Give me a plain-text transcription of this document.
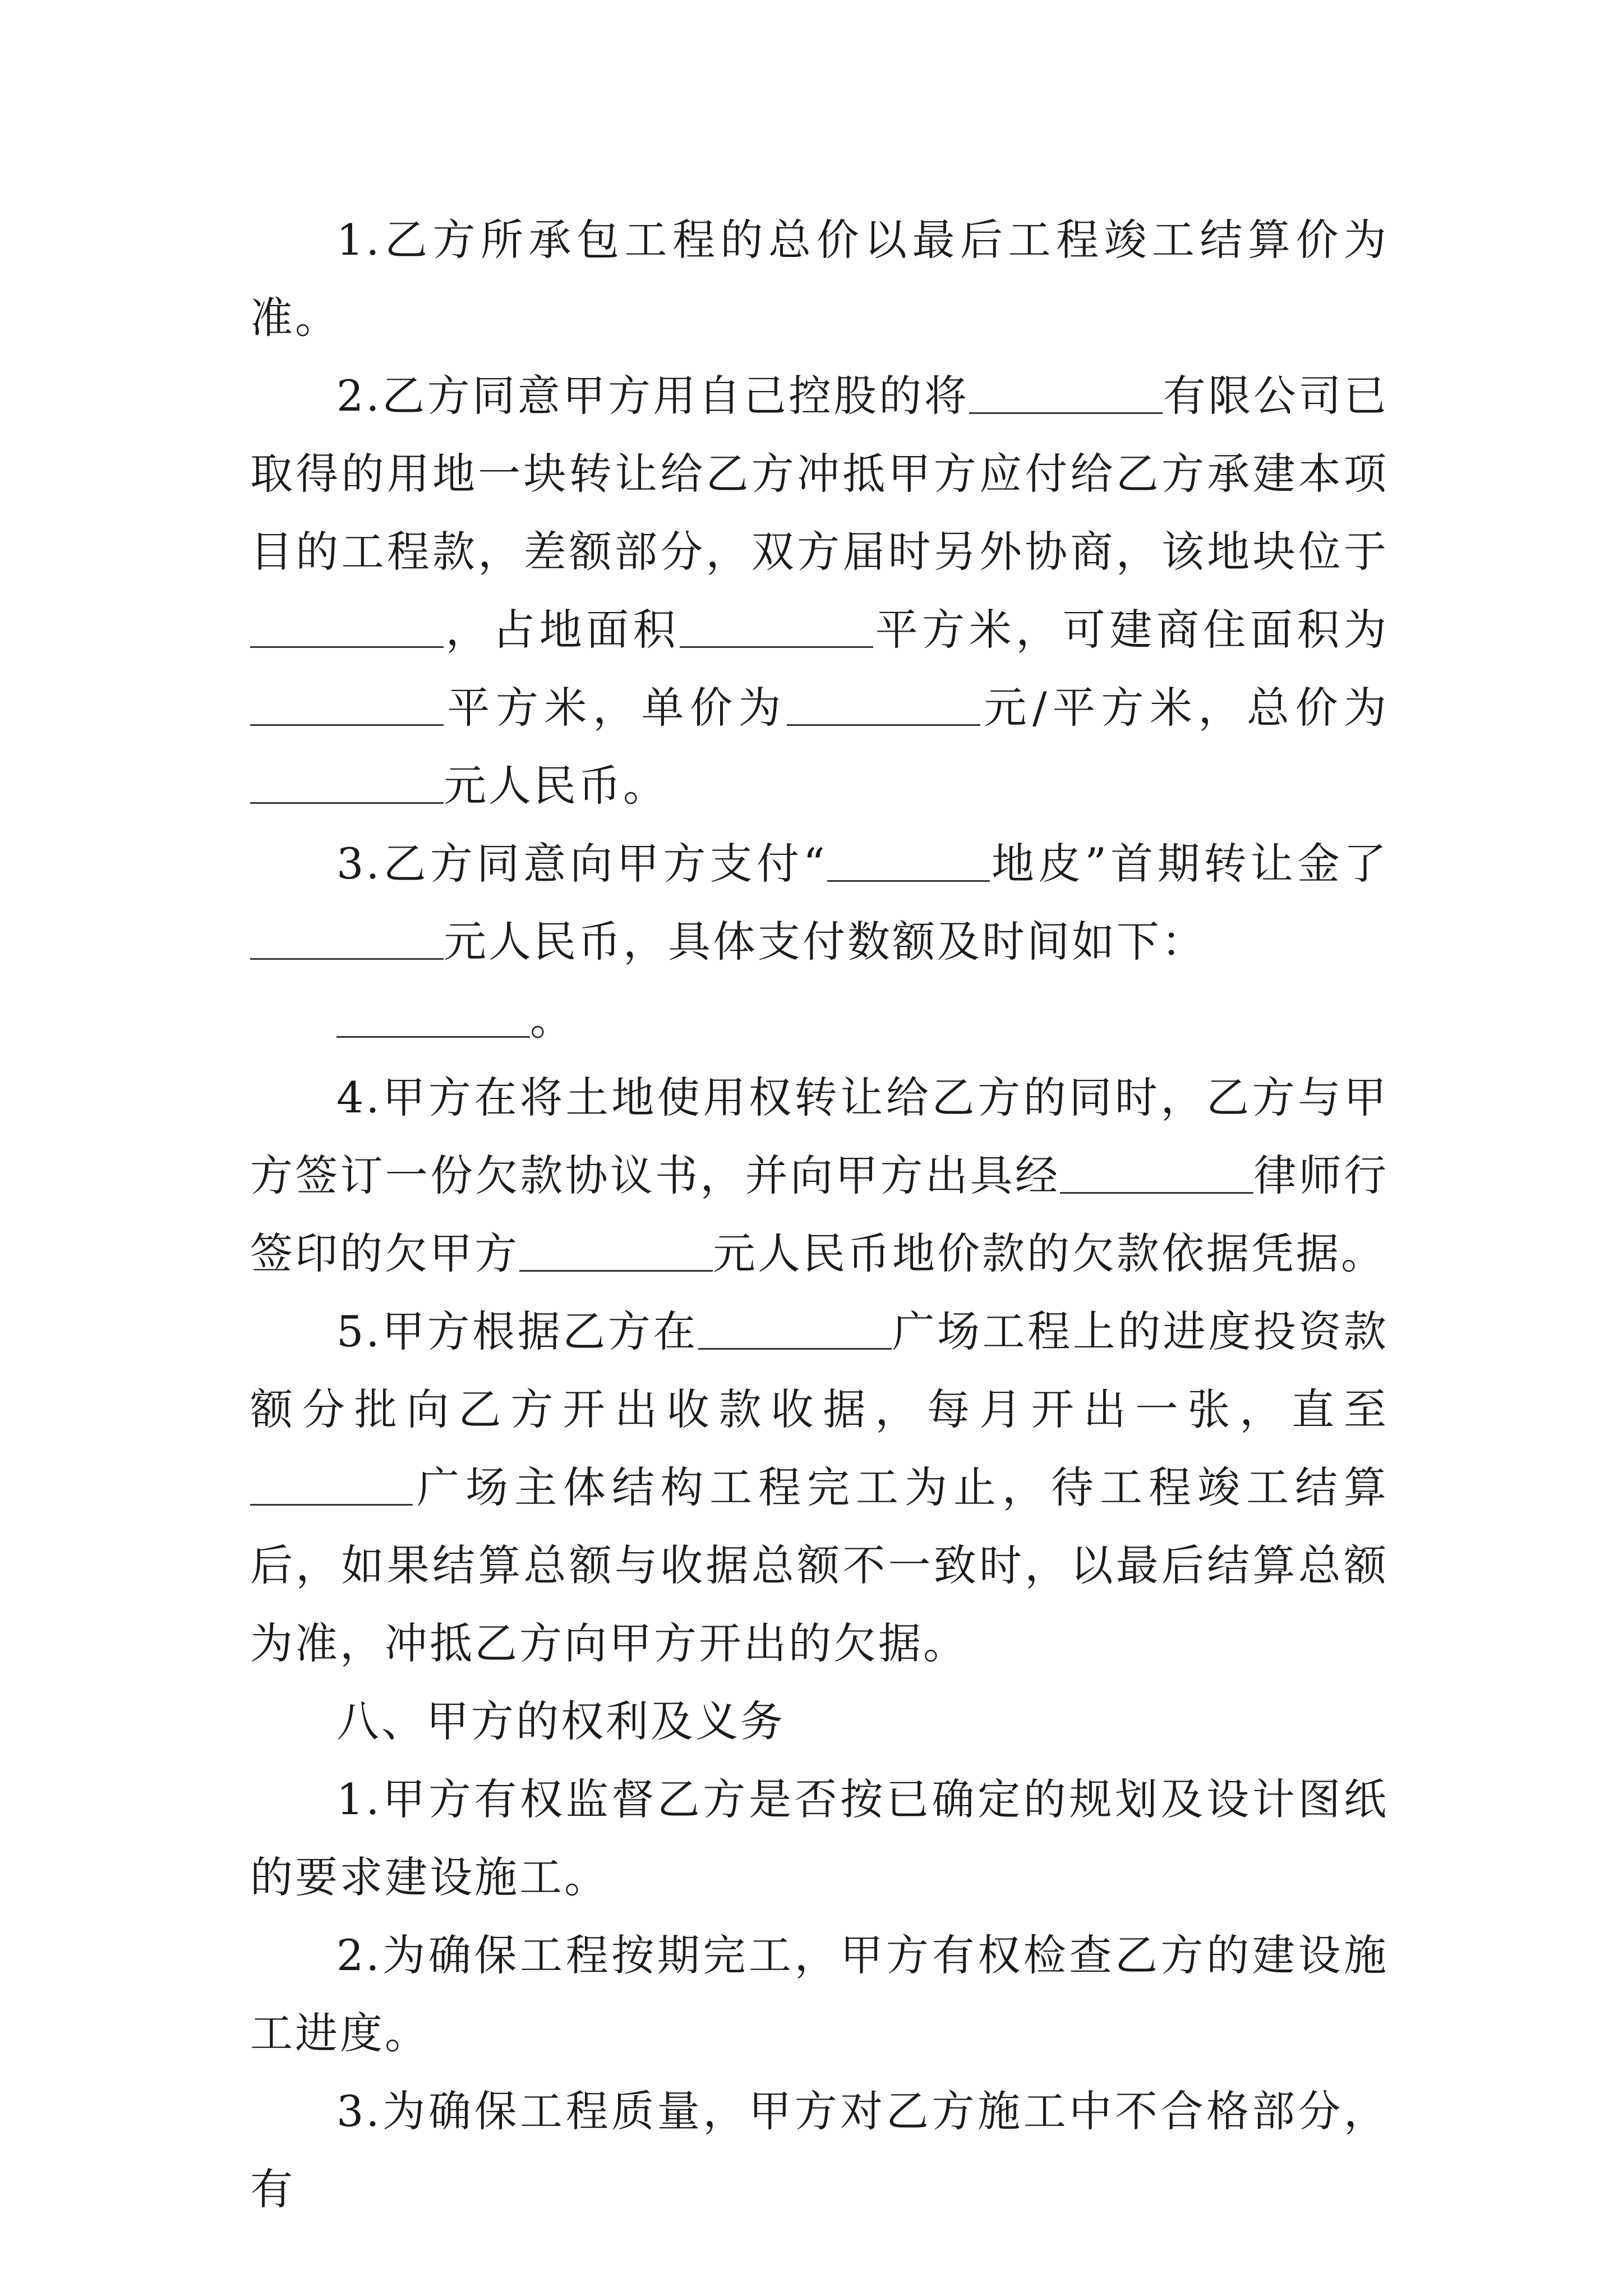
1.乙方所承包工程的总价以最后工程竣工结算价为准。

2.乙方同意甲方用自己控股的将	有限公司已取得的用地一块转让给乙方冲抵甲方应付给乙方承建本项目的工程款，差额部分，双方届时另外协商，该地块位于，占地面积	平方米，可建商住面积为平方米，单价为	元/平方米，总价为元人民币。

3.乙方同意向甲方支付“	地皮”首期转让金了元人民币，具体支付数额及时间如下：

。

4.甲方在将土地使用权转让给乙方的同时，乙方与甲方签订一份欠款协议书，并向甲方出具经	律师行签印的欠甲方	元人民币地价款的欠款依据凭据。

5.甲方根据乙方在	广场工程上的进度投资款额分批向乙方开出收款收据，每月开出一张，直至广场主体结构工程完工为止，待工程竣工结算后，如果结算总额与收据总额不一致时，以最后结算总额为准，冲抵乙方向甲方开出的欠据。

八、甲方的权利及义务

1.甲方有权监督乙方是否按已确定的规划及设计图纸的要求建设施工。

2.为确保工程按期完工，甲方有权检查乙方的建设施工进度。

3.为确保工程质量，甲方对乙方施工中不合格部分，有
